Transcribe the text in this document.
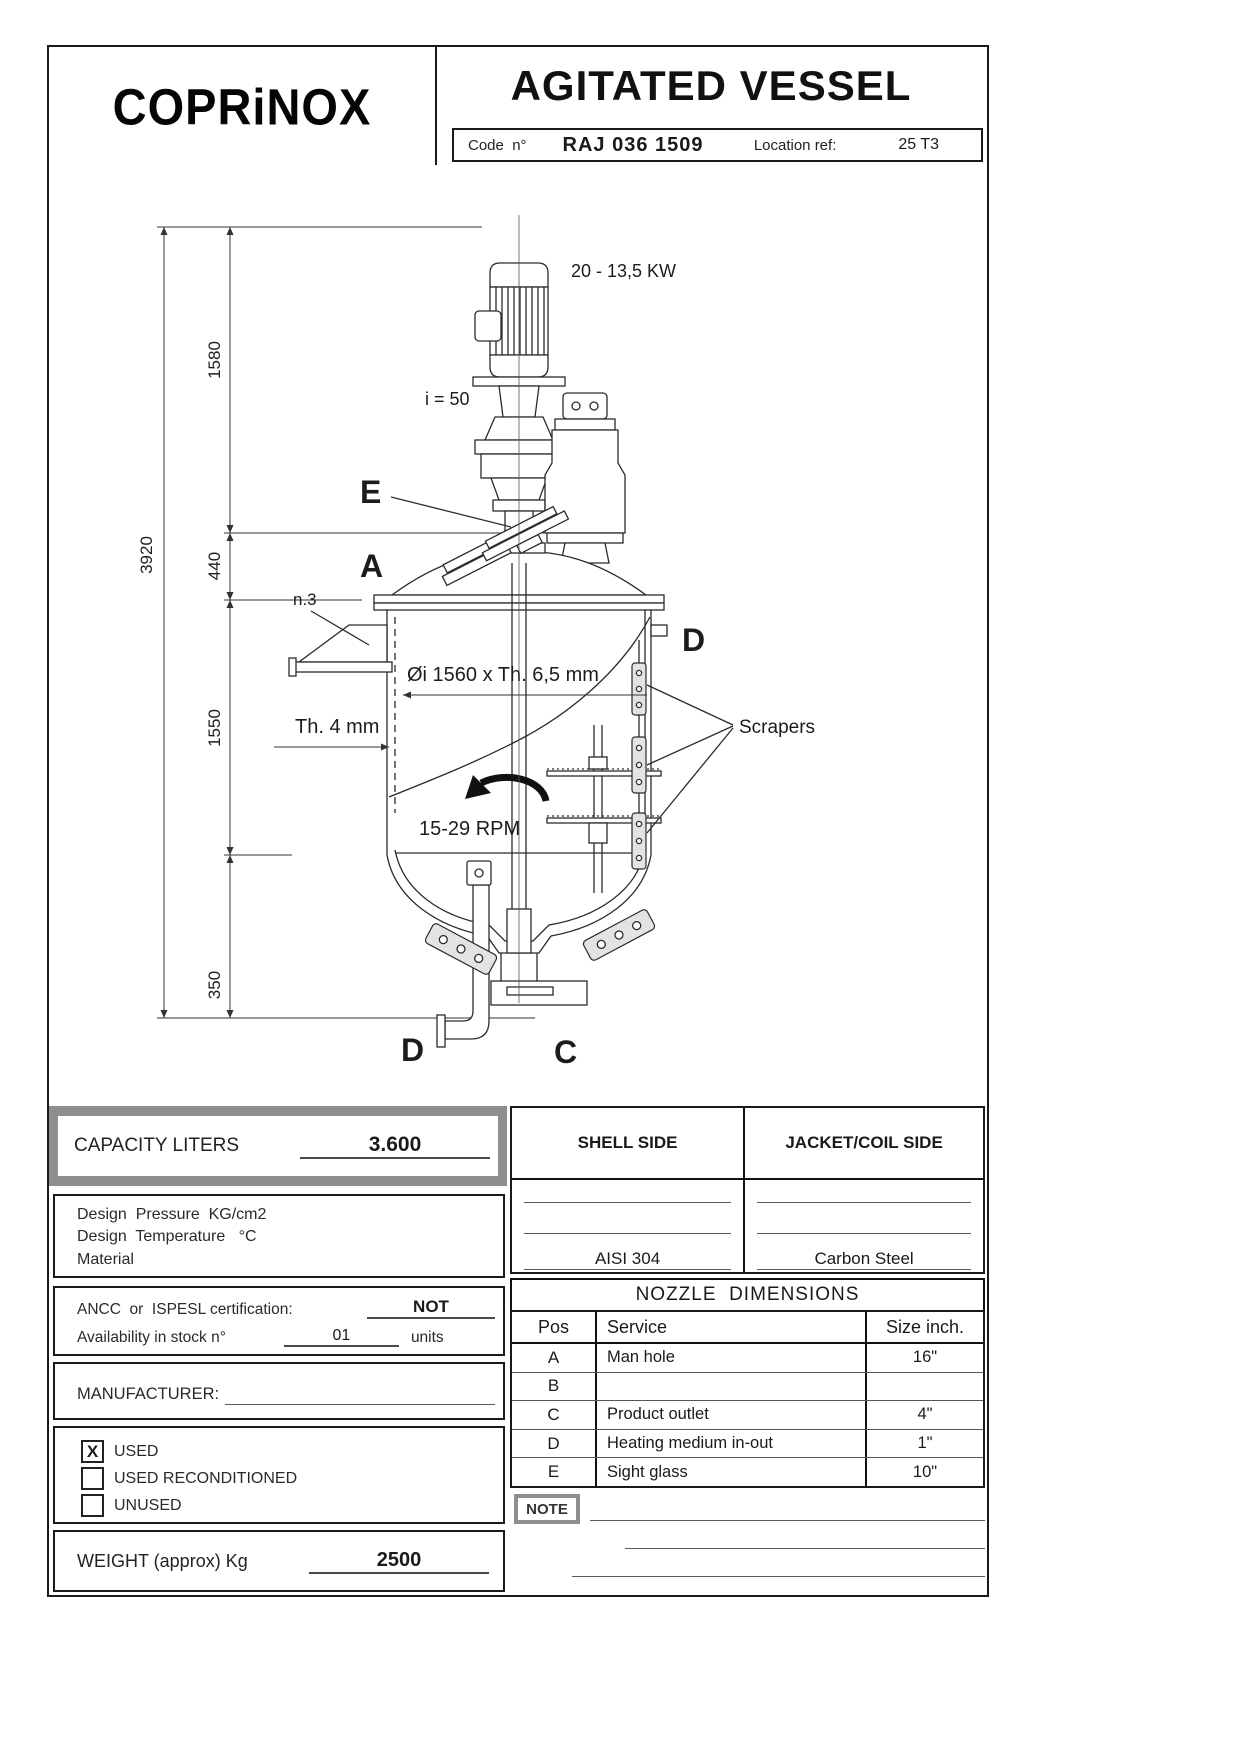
COPRiNOX	AGITATED VESSEL
Code  n° RAJ 036 1509	Location ref:	25 T3
3920
1580
440
1550
350
Scrapers
n.3
E
A
D
D	C
20 - 13,5 KW
i = 50
Øi 1560 x Th. 6,5 mm
Th. 4 mm
15-29 RPM
CAPACITY LITERS	3.600
Design  Pressure  KG/cm2
Design  Temperature   °C
Material
ANCC  or  ISPESL certification:	NOT
Availability in stock n°	01	units
MANUFACTURER:
X USED
USED RECONDITIONED
UNUSED
WEIGHT (approx) Kg	2500
SHELL SIDE	JACKET/COIL SIDE
AISI 304	Carbon Steel
NOZZLE  DIMENSIONS
Pos	Service	Size inch.
A	Man hole	16"
B
C	Product outlet	4"
D	Heating medium in-out	1"
E	Sight glass	10"
NOTE
